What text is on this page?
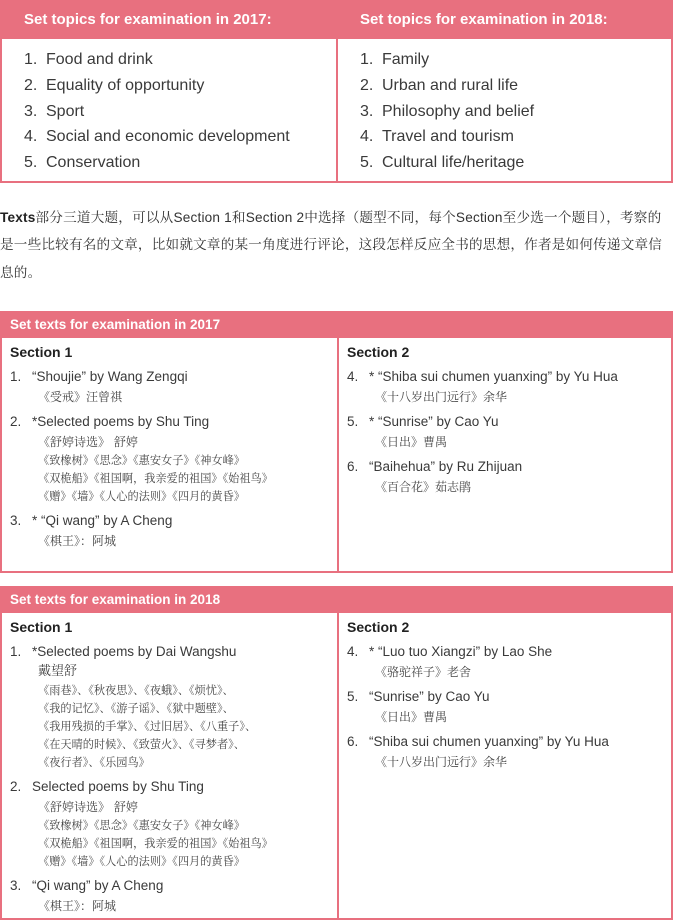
Set topics for examination in 2017:
1. Food and drink
2. Equality of opportunity
3. Sport
4. Social and economic development
5. Conservation
Set topics for examination in 2018:
1. Family
2. Urban and rural life
3. Philosophy and belief
4. Travel and tourism
5. Cultural life/heritage
Texts部分三道大题，可以从Section 1和Section 2中选择（题型不同，每个Section至少选一个题目），考察的是一些比较有名的文章，比如就文章的某一角度进行评论，这段怎样反应全书的思想，作者是如何传递文章信息的。
Set texts for examination in 2017
Section 1
1. “Shoujie” by Wang Zengqi
《受戒》汪曾祺
2. *Selected poems by Shu Ting
《舒婷诗选》 舒婷
《致橡树》《思念》《惠安女子》《神女峰》
《双桅船》《祖国啊，我亲爱的祖国》《始祖鸟》
《赠》《墙》《人心的法则》《四月的黄昏》
3. * “Qi wang” by A Cheng
《棋王》：阿城
Section 2
4. * “Shiba sui chumen yuanxing” by Yu Hua
《十八岁出门远行》余华
5. * “Sunrise” by Cao Yu
《日出》曹禺
6. “Baihehua” by Ru Zhijuan
《百合花》茹志鹃
Set texts for examination in 2018
Section 1
1. *Selected poems by Dai Wangshu
戴望舒
《雨巷》、《秋夜思》、《夜蛾》、《烦忧》、
《我的记忆》、《游子谣》、《狱中题壁》、
《我用残损的手掌》、《过旧居》、《八重子》、
《在天晴的时候》、《致萤火》、《寻梦者》、
《夜行者》、《乐园鸟》
2. Selected poems by Shu Ting
《舒婷诗选》 舒婷
《致橡树》《思念》《惠安女子》《神女峰》
《双桅船》《祖国啊，我亲爱的祖国》《始祖鸟》
《赠》《墙》《人心的法则》《四月的黄昏》
3. “Qi wang” by A Cheng
《棋王》：阿城
Section 2
4. * “Luo tuo Xiangzi” by Lao She
《骆驼祥子》老舍
5. “Sunrise” by Cao Yu
《日出》曹禺
6. “Shiba sui chumen yuanxing” by Yu Hua
《十八岁出门远行》余华
